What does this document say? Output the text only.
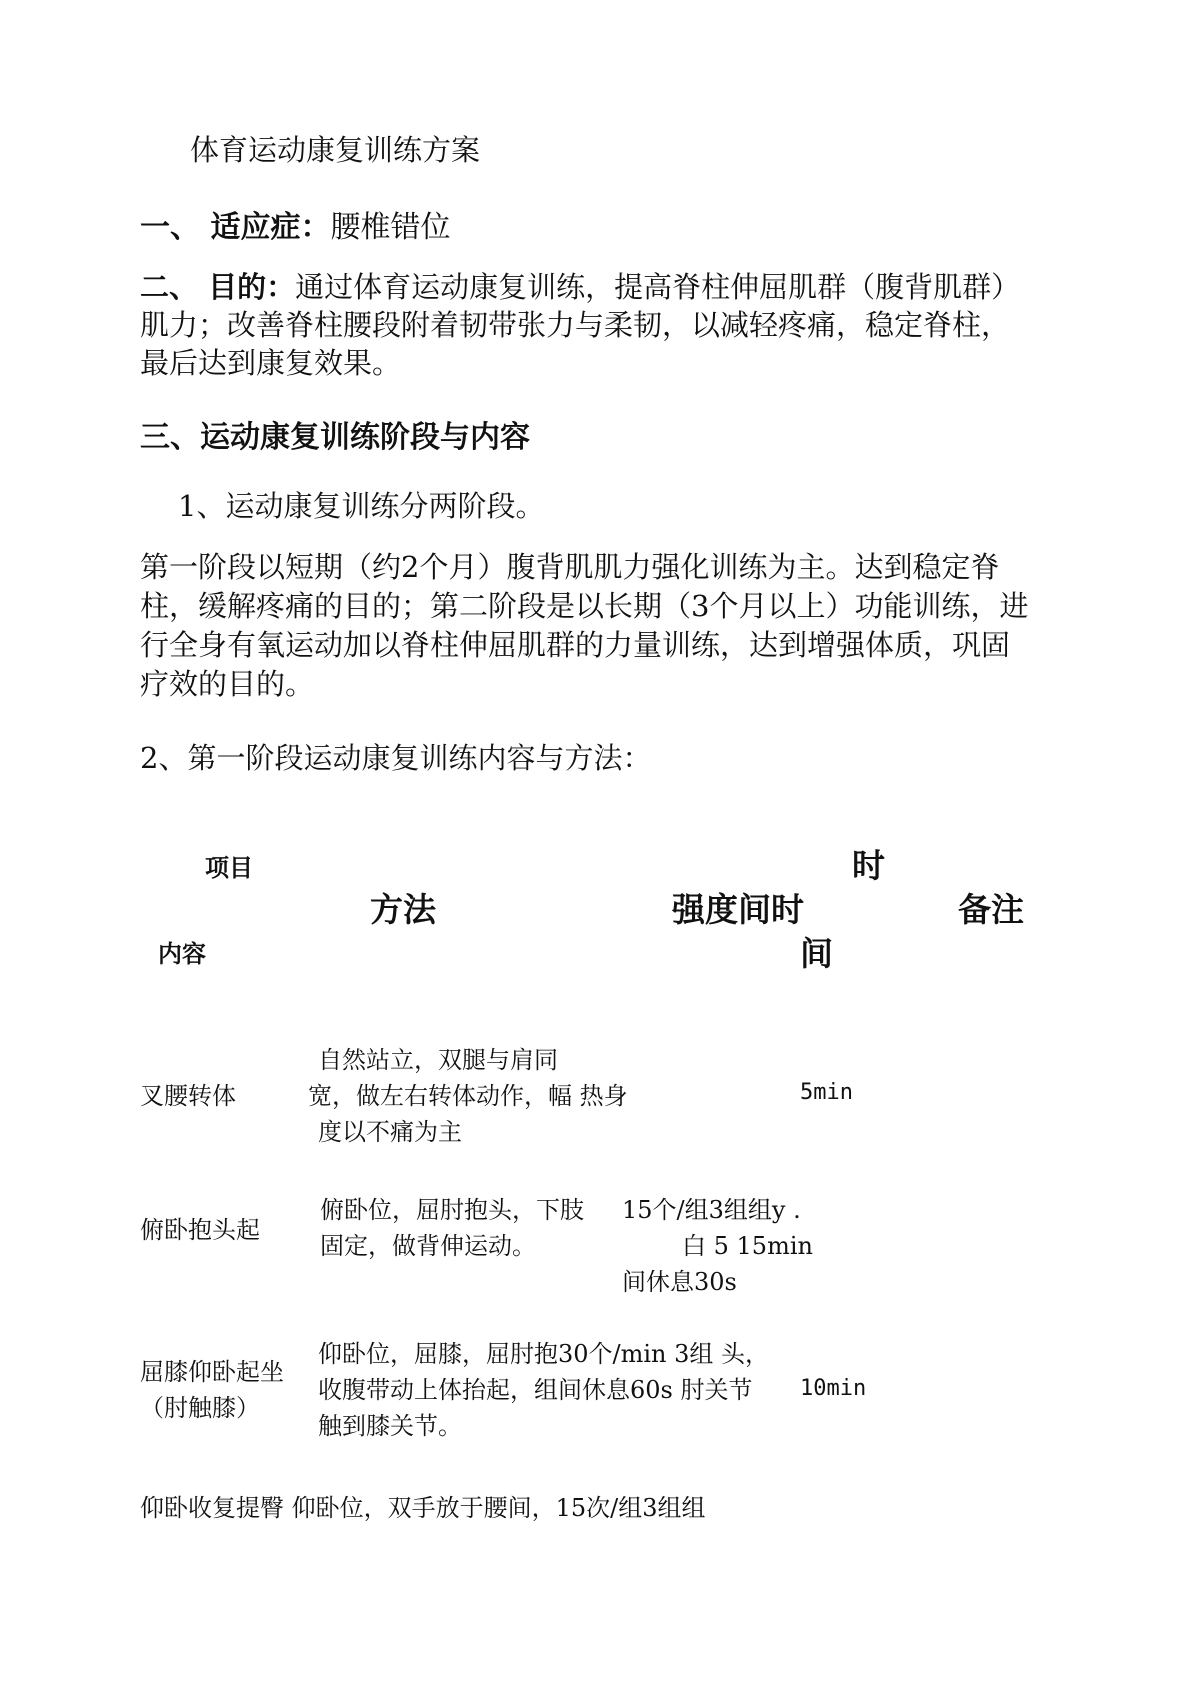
体育运动康复训练方案
一、 适应症：腰椎错位
二、 目的：通过体育运动康复训练，提高脊柱伸屈肌群（腹背肌群）
肌力；改善脊柱腰段附着韧带张力与柔韧，以减轻疼痛，稳定脊柱，
最后达到康复效果。
三、运动康复训练阶段与内容
1、运动康复训练分两阶段。
第一阶段以短期（约2个月）腹背肌肌力强化训练为主。达到稳定脊
柱，缓解疼痛的目的；第二阶段是以长期（3个月以上）功能训练，进
行全身有氧运动加以脊柱伸屈肌群的力量训练，达到增强体质，巩固
疗效的目的。
2、第一阶段运动康复训练内容与方法：
项目
内容
方法	强度间时
时
间
备注
叉腰转体
自然站立，双腿与肩同
宽，做左右转体动作，幅 热身
度以不痛为主
5min
俯卧抱头起
俯卧位，屈肘抱头，下肢
固定，做背伸运动。
15个/组3组组y .
白 5 15min
间休息30s
屈膝仰卧起坐
（肘触膝）
仰卧位，屈膝，屈肘抱30个/min 3组 头，
收腹带动上体抬起，组间休息60s 肘关节
触到膝关节。
10min
仰卧收复提臀 仰卧位，双手放于腰间，15次/组3组组
